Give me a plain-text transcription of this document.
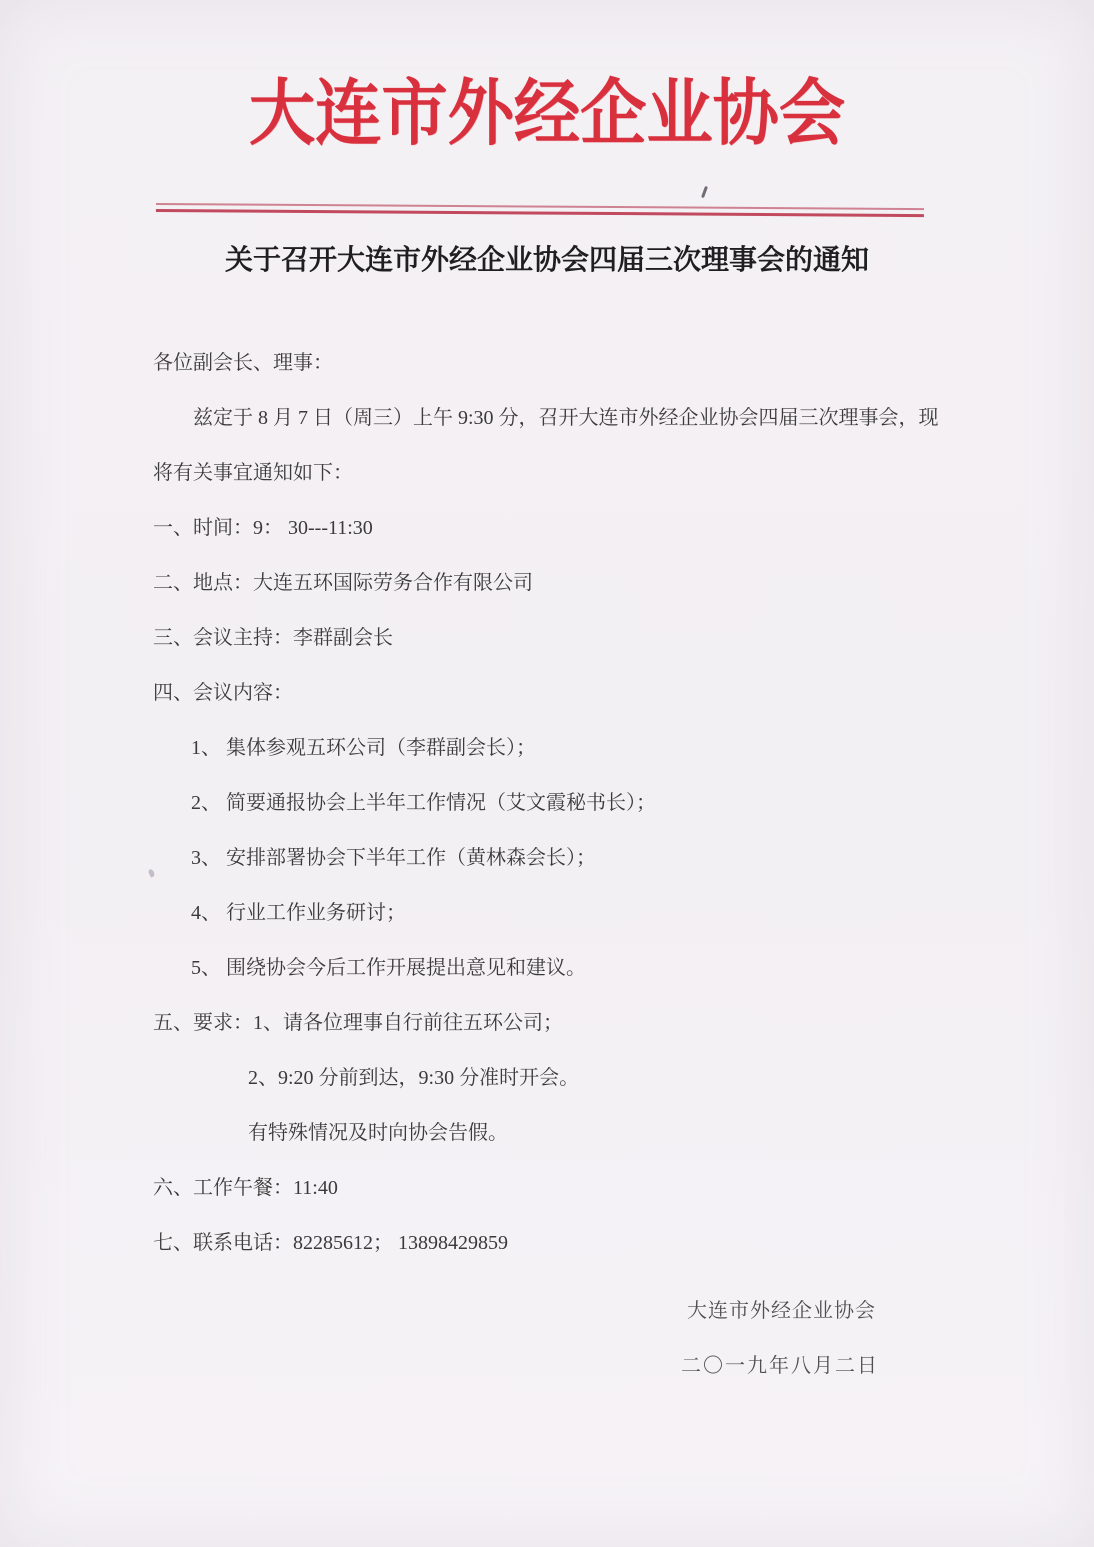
大连市外经企业协会
关于召开大连市外经企业协会四届三次理事会的通知

各位副会长、理事：

兹定于 8 月 7 日（周三）上午 9:30 分，召开大连市外经企业协会四届三次理事会，现

将有关事宜通知如下：

一、时间：9： 30---11:30

二、地点：大连五环国际劳务合作有限公司

三、会议主持：李群副会长

四、会议内容：

1、 集体参观五环公司（李群副会长）；

2、 简要通报协会上半年工作情况（艾文霞秘书长）；

3、 安排部署协会下半年工作（黄林森会长）；

4、 行业工作业务研讨；

5、 围绕协会今后工作开展提出意见和建议。

五、要求：1、请各位理事自行前往五环公司；

2、9:20 分前到达，9:30 分准时开会。

有特殊情况及时向协会告假。

六、工作午餐：11:40

七、联系电话：82285612； 13898429859

大连市外经企业协会

二〇一九年八月二日
